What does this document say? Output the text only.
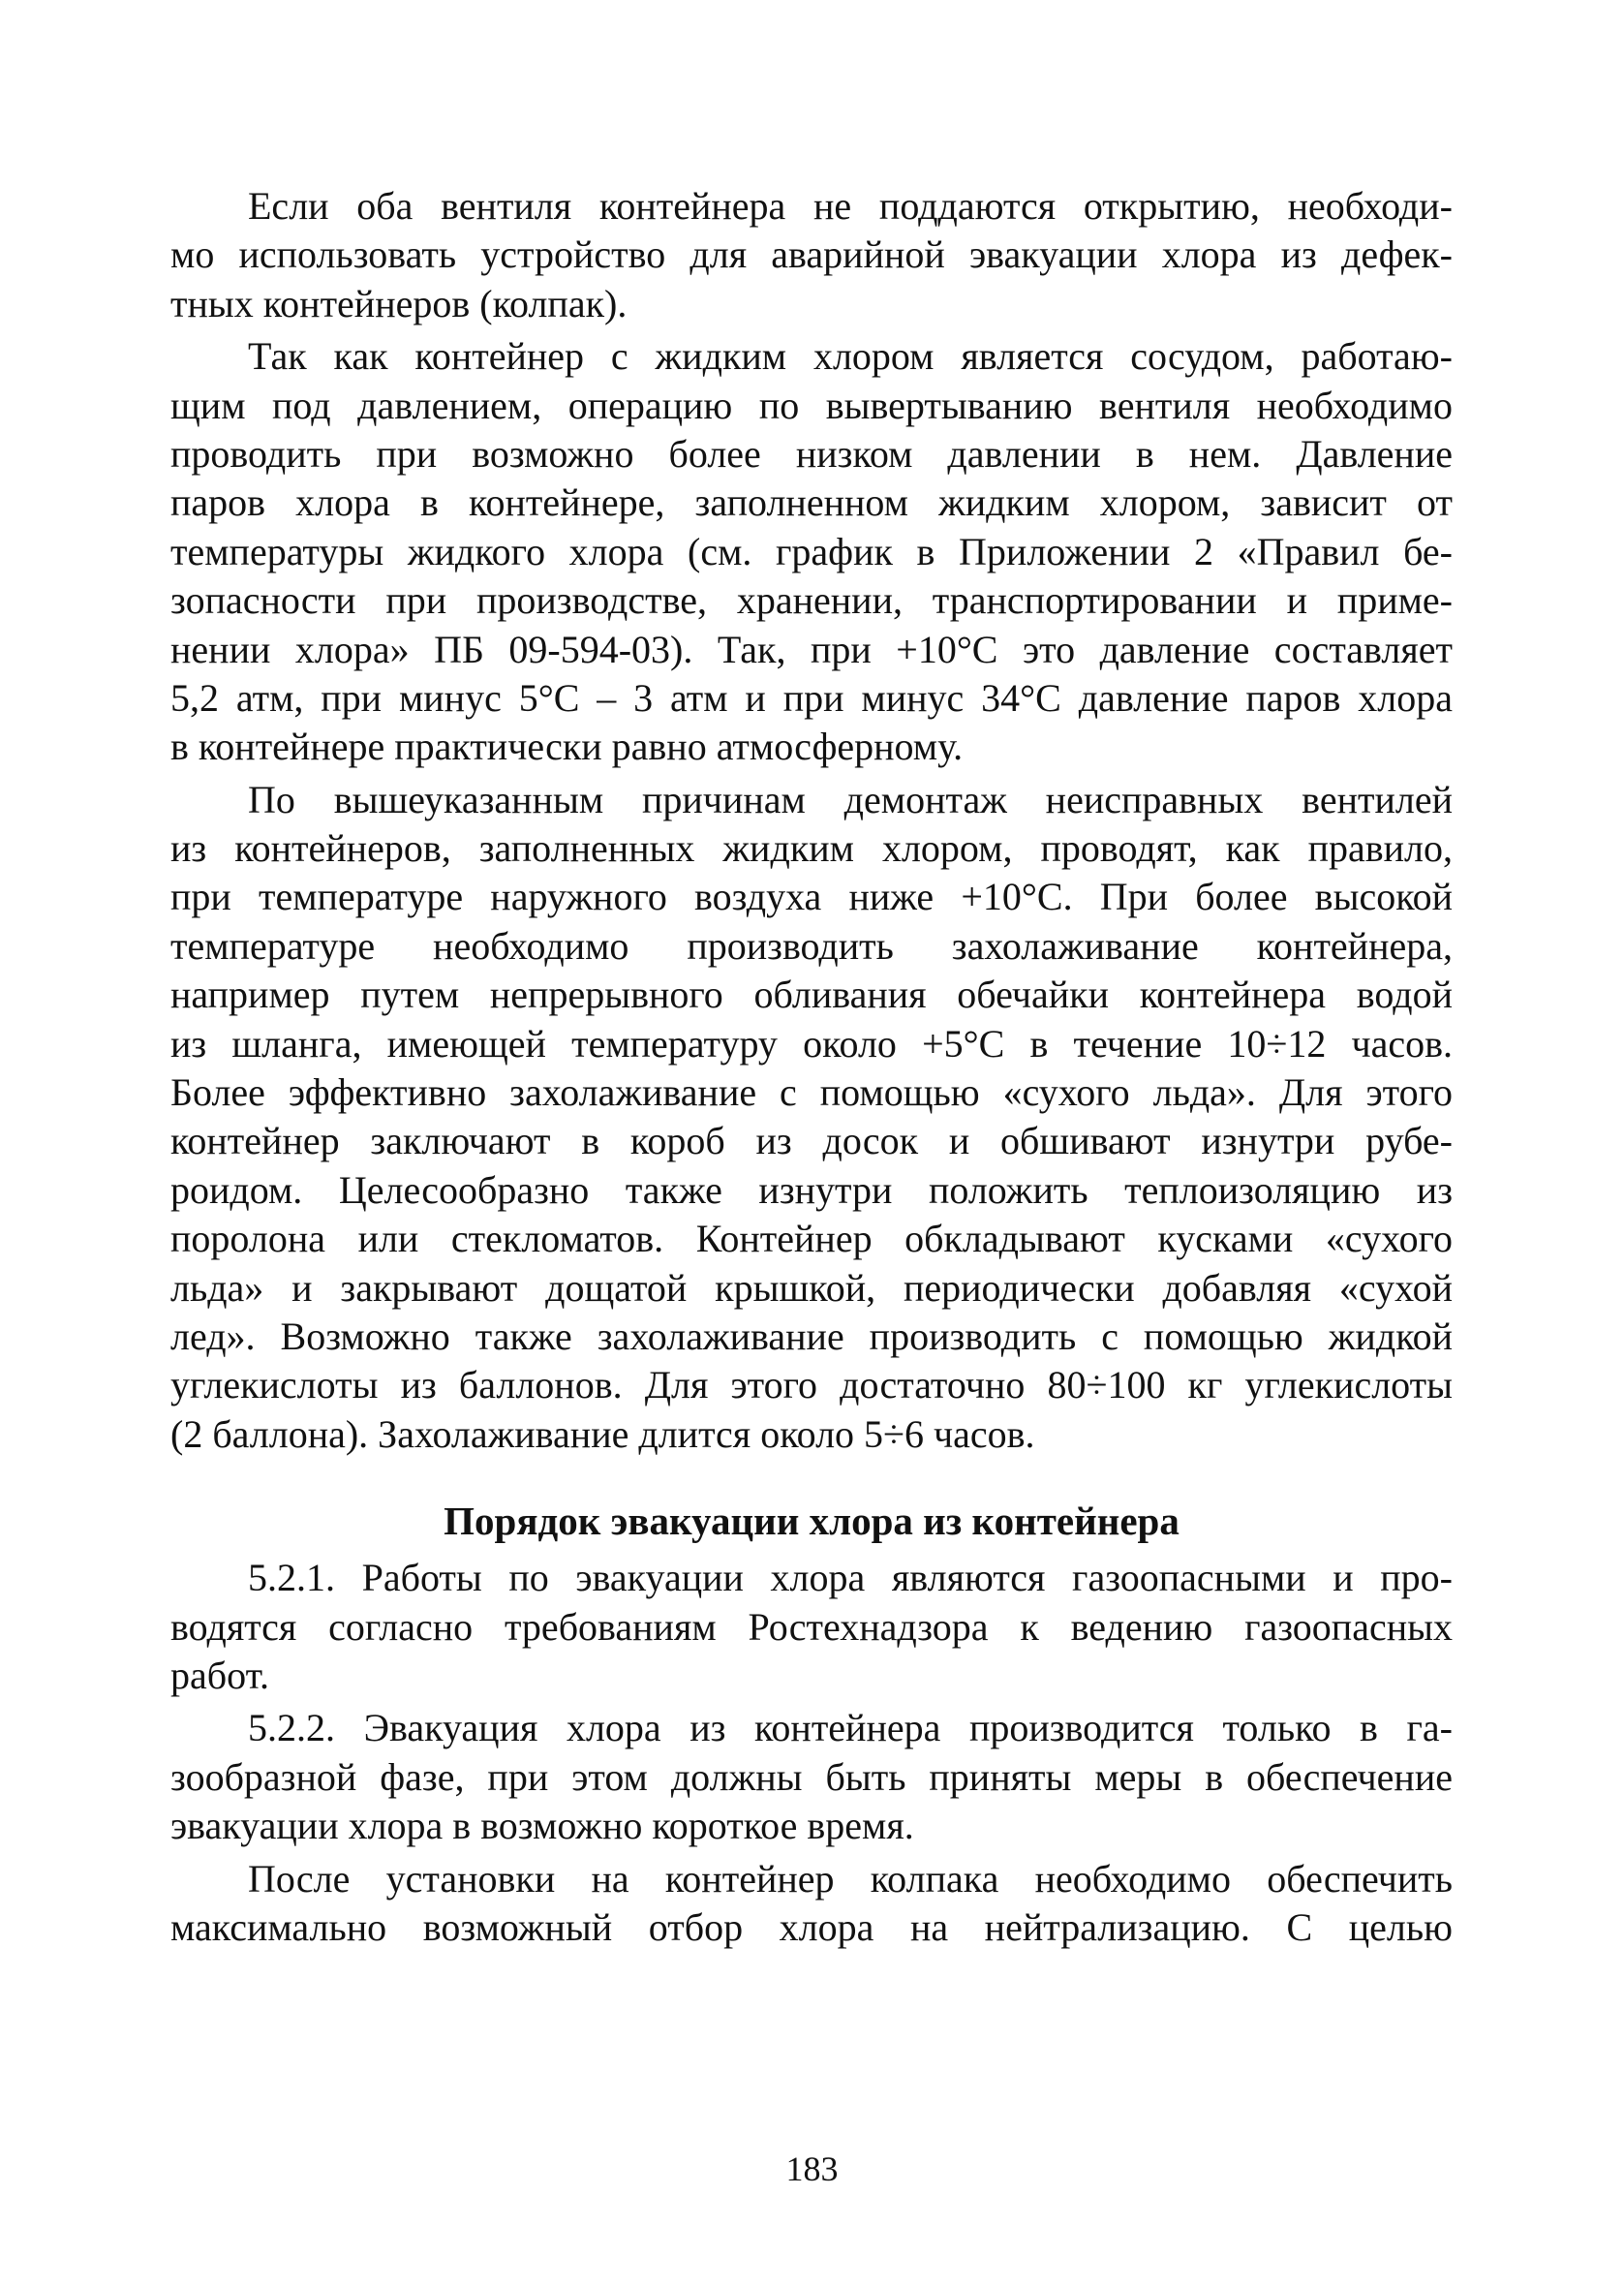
Если оба вентиля контейнера не поддаются открытию, необходи-
мо использовать устройство для аварийной эвакуации хлора из дефек-
тных контейнеров (колпак).
Так как контейнер с жидким хлором является сосудом, работаю-
щим под давлением, операцию по вывертыванию вентиля необходимо
проводить при возможно более низком давлении в нем. Давление
паров хлора в контейнере, заполненном жидким хлором, зависит от
температуры жидкого хлора (см. график в Приложении 2 «Правил бе-
зопасности при производстве, хранении, транспортировании и приме-
нении хлора» ПБ 09-594-03). Так, при +10°С это давление составляет
5,2 атм, при минус 5°С – 3 атм и при минус 34°С давление паров хлора
в контейнере практически равно атмосферному.
По вышеуказанным причинам демонтаж неисправных вентилей
из контейнеров, заполненных жидким хлором, проводят, как правило,
при температуре наружного воздуха ниже +10°С. При более высокой
температуре необходимо производить захолаживание контейнера,
например путем непрерывного обливания обечайки контейнера водой
из шланга, имеющей температуру около +5°С в течение 10÷12 часов.
Более эффективно захолаживание с помощью «сухого льда». Для этого
контейнер заключают в короб из досок и обшивают изнутри рубе-
роидом. Целесообразно также изнутри положить теплоизоляцию из
поролона или стекломатов. Контейнер обкладывают кусками «сухого
льда» и закрывают дощатой крышкой, периодически добавляя «сухой
лед». Возможно также захолаживание производить с помощью жидкой
углекислоты из баллонов. Для этого достаточно 80÷100 кг углекислоты
(2 баллона). Захолаживание длится около 5÷6 часов.
Порядок эвакуации хлора из контейнера
5.2.1. Работы по эвакуации хлора являются газоопасными и про-
водятся согласно требованиям Ростехнадзора к ведению газоопасных
работ.
5.2.2. Эвакуация хлора из контейнера производится только в га-
зообразной фазе, при этом должны быть приняты меры в обеспечение
эвакуации хлора в возможно короткое время.
После установки на контейнер колпака необходимо обеспечить
максимально возможный отбор хлора на нейтрализацию. С целью
183
